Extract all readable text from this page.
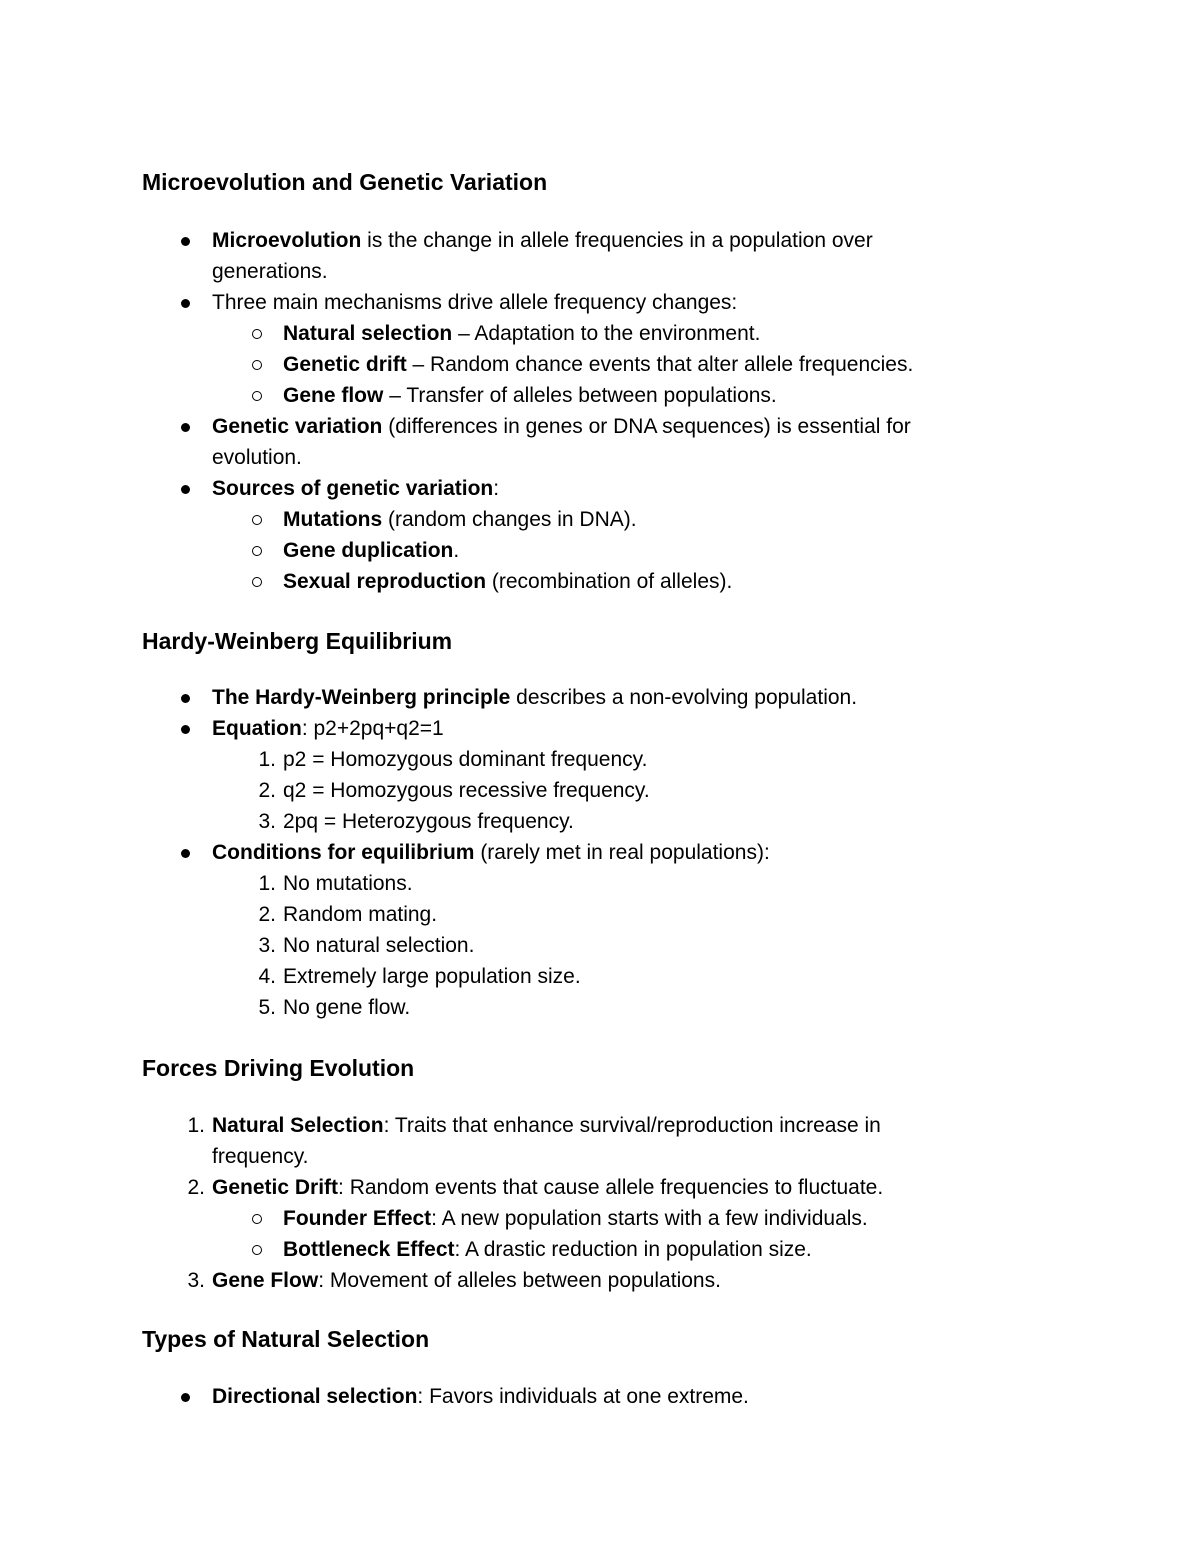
Microevolution and Genetic Variation
Microevolution is the change in allele frequencies in a population over
generations.
Three main mechanisms drive allele frequency changes:
Natural selection – Adaptation to the environment.
Genetic drift – Random chance events that alter allele frequencies.
Gene flow – Transfer of alleles between populations.
Genetic variation (differences in genes or DNA sequences) is essential for
evolution.
Sources of genetic variation:
Mutations (random changes in DNA).
Gene duplication.
Sexual reproduction (recombination of alleles).
Hardy-Weinberg Equilibrium
The Hardy-Weinberg principle describes a non-evolving population.
Equation: p2+2pq+q2=1
1. p2 = Homozygous dominant frequency.
2. q2 = Homozygous recessive frequency.
3. 2pq = Heterozygous frequency.
Conditions for equilibrium (rarely met in real populations):
1. No mutations.
2. Random mating.
3. No natural selection.
4. Extremely large population size.
5. No gene flow.
Forces Driving Evolution
1. Natural Selection: Traits that enhance survival/reproduction increase in
frequency.
2. Genetic Drift: Random events that cause allele frequencies to fluctuate.
Founder Effect: A new population starts with a few individuals.
Bottleneck Effect: A drastic reduction in population size.
3. Gene Flow: Movement of alleles between populations.
Types of Natural Selection
Directional selection: Favors individuals at one extreme.
